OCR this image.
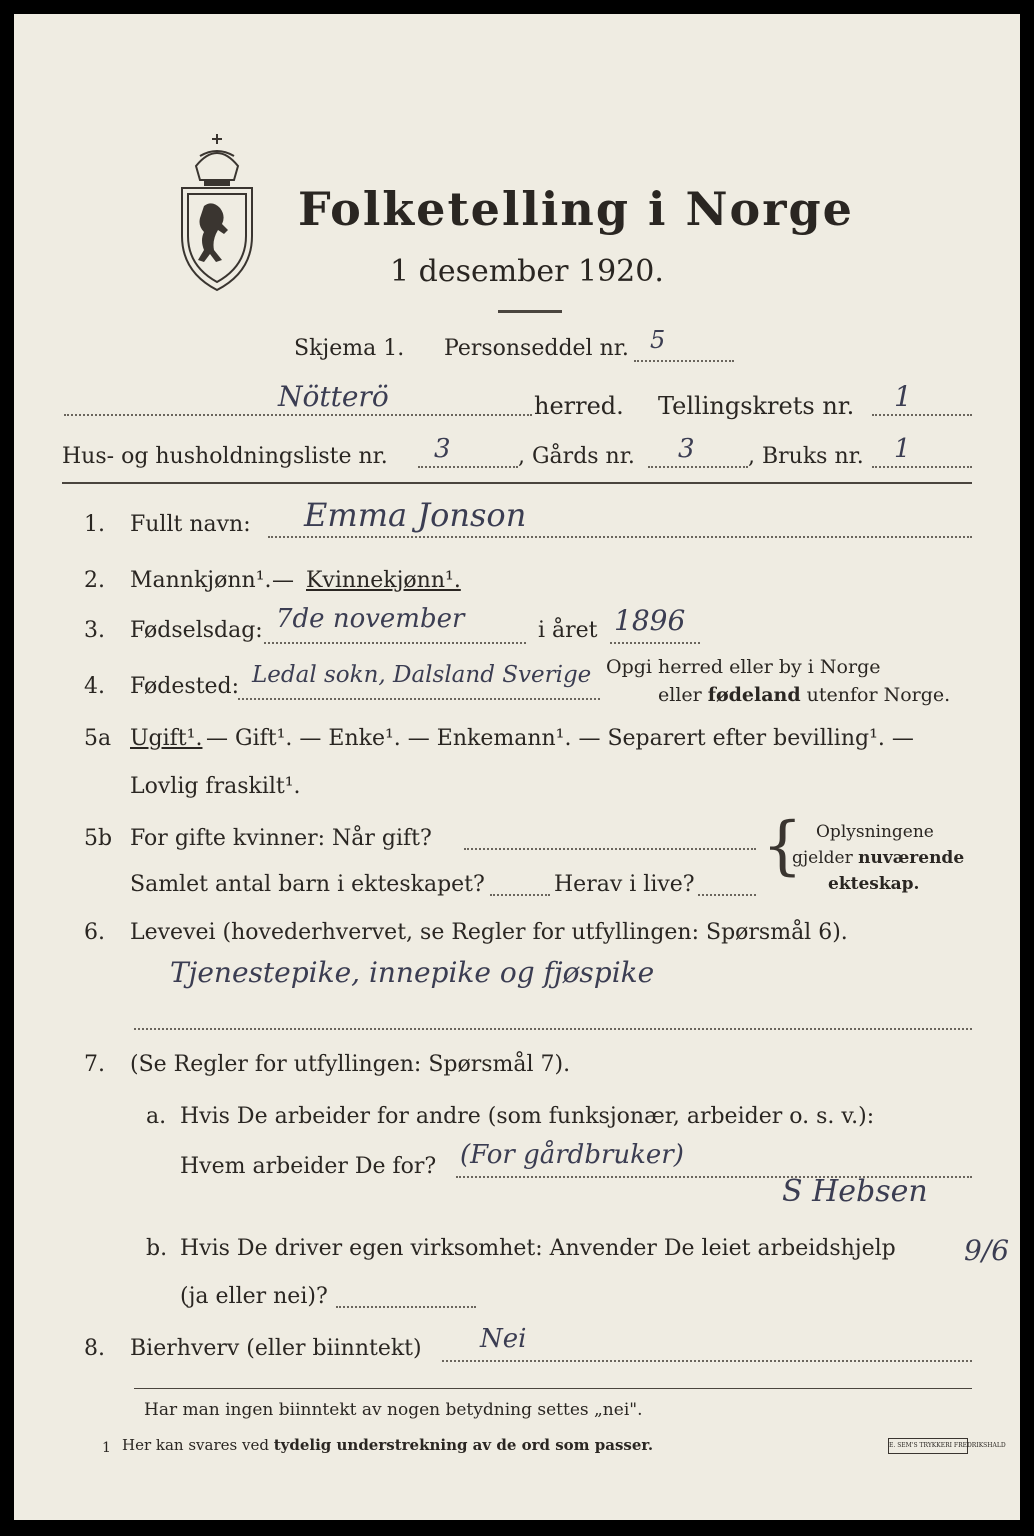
Folketelling i Norge
1 desember 1920.
Skjema 1. Personseddel nr. 5
Nötterö	herred. Tellingskrets nr. 1
Hus- og husholdningsliste nr. 3	, Gårds nr. 3 , Bruks nr. 1
1. Fullt navn: Emma Jonson
2. Mannkjønn¹. — Kvinnekjønn¹.
3. Fødselsdag: 7de november	i året 1896
4. Fødested: Ledal sokn, Dalsland Sverige Opgi herred eller by i Norge
eller fødeland utenfor Norge.
5a Ugift¹. — Gift¹. — Enke¹. — Enkemann¹. — Separert efter bevilling¹. —
Lovlig fraskilt¹.
5b For gifte kvinner: Når gift?
Samlet antal barn i ekteskapet?	Herav i live?
{ Oplysningene
gjelder nuværende
ekteskap.
6. Levevei (hovederhvervet, se Regler for utfyllingen: Spørsmål 6).
Tjenestepike, innepike og fjøspike
7. (Se Regler for utfyllingen: Spørsmål 7).
a. Hvis De arbeider for andre (som funksjonær, arbeider o. s. v.):
Hvem arbeider De for? (For gårdbruker)
S Hebsen
b. Hvis De driver egen virksomhet: Anvender De leiet arbeidshjelp
(ja eller nei)?
9/6
8. Bierhverv (eller biinntekt) Nei
Har man ingen biinntekt av nogen betydning settes „nei".
1 Her kan svares ved tydelig understrekning av de ord som passer.	E. SEM'S TRYKKERI FREDRIKSHALD
